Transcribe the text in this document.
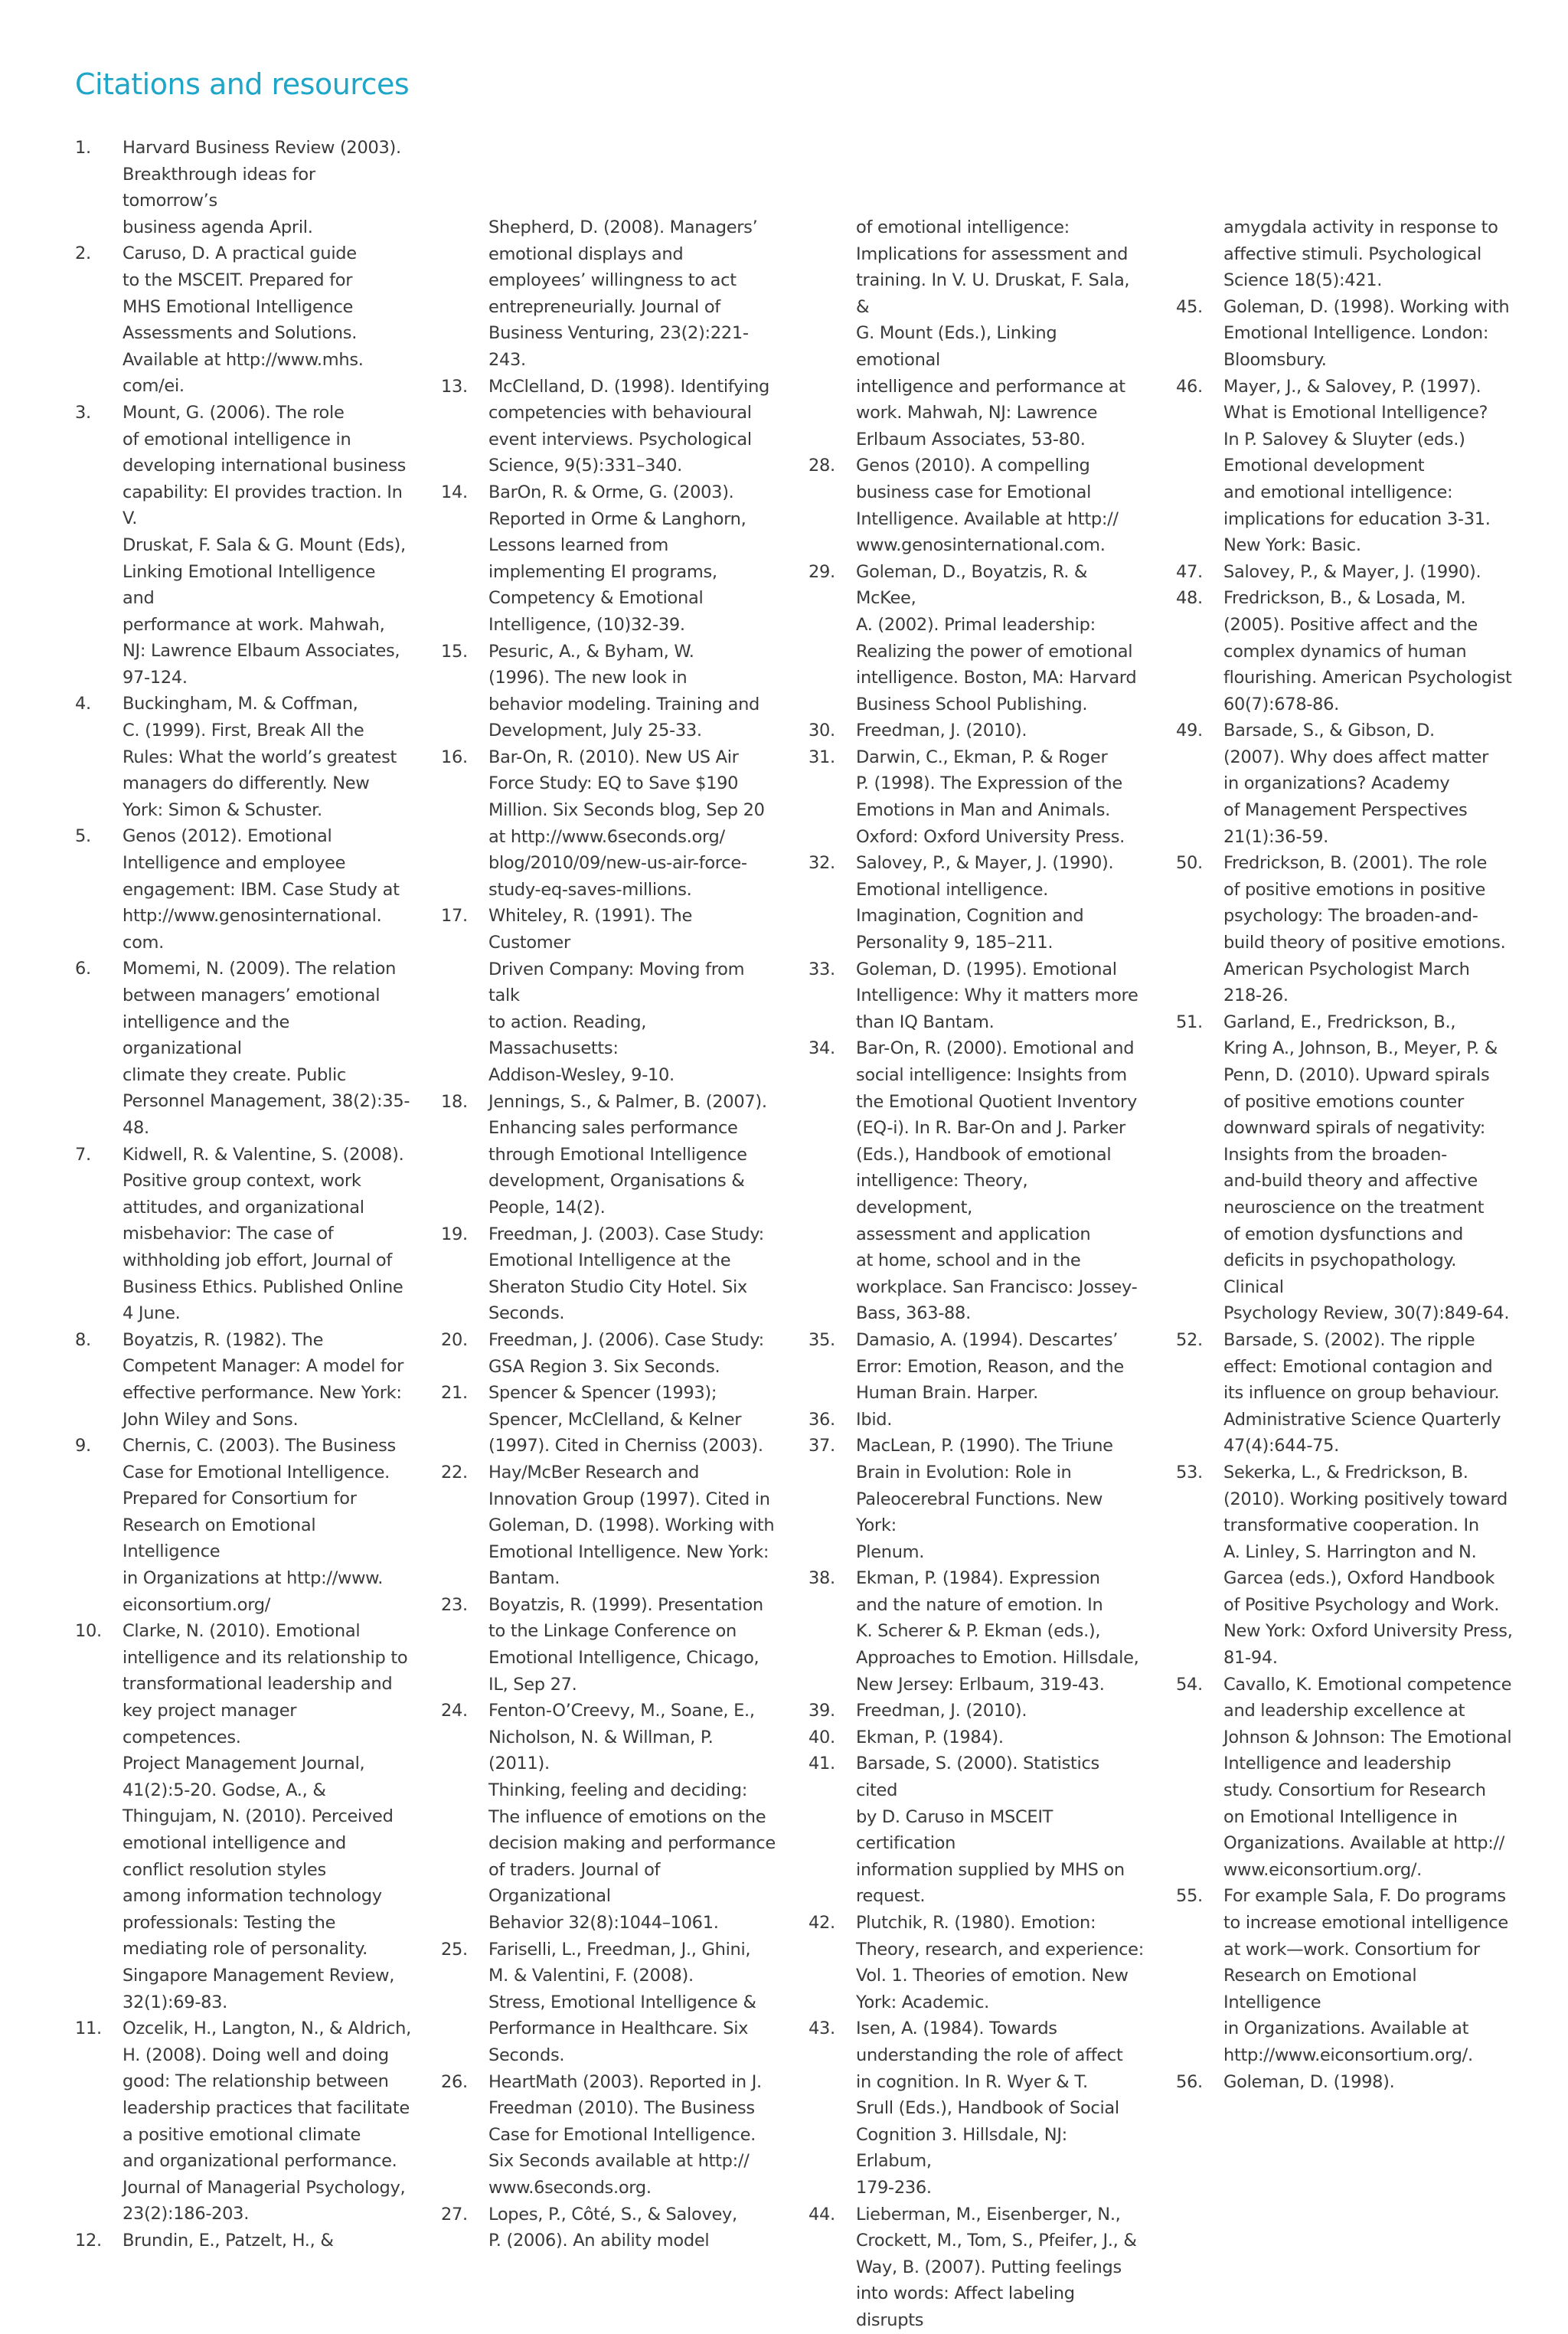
Citations and resources
1.	Harvard Business Review (2003).
Breakthrough ideas for tomorrow’s
business agenda April.
2.	Caruso, D. A practical guide
to the MSCEIT. Prepared for
MHS Emotional Intelligence
Assessments and Solutions.
Available at http://www.mhs.
com/ei.
3.	Mount, G. (2006). The role
of emotional intelligence in
developing international business
capability: EI provides traction. In V.
Druskat, F. Sala & G. Mount (Eds),
Linking Emotional Intelligence and
performance at work. Mahwah,
NJ: Lawrence Elbaum Associates,
97-124.
4.	Buckingham, M. & Coffman,
C. (1999). First, Break All the
Rules: What the world’s greatest
managers do differently. New
York: Simon & Schuster.
5.	Genos (2012). Emotional
Intelligence and employee
engagement: IBM. Case Study at
http://www.genosinternational.
com.
6.	Momemi, N. (2009). The relation
between managers’ emotional
intelligence and the organizational
climate they create. Public
Personnel Management, 38(2):35-
48.
7.	Kidwell, R. & Valentine, S. (2008).
Positive group context, work
attitudes, and organizational
misbehavior: The case of
withholding job effort, Journal of
Business Ethics. Published Online
4 June.
8.	Boyatzis, R. (1982). The
Competent Manager: A model for
effective performance. New York:
John Wiley and Sons.
9.	Chernis, C. (2003). The Business
Case for Emotional Intelligence.
Prepared for Consortium for
Research on Emotional Intelligence
in Organizations at http://www.
eiconsortium.org/
10.	Clarke, N. (2010). Emotional
intelligence and its relationship to
transformational leadership and
key project manager competences.
Project Management Journal,
41(2):5-20. Godse, A., &
Thingujam, N. (2010). Perceived
emotional intelligence and
conflict resolution styles
among information technology
professionals: Testing the
mediating role of personality.
Singapore Management Review,
32(1):69-83.
11.	Ozcelik, H., Langton, N., & Aldrich,
H. (2008). Doing well and doing
good: The relationship between
leadership practices that facilitate
a positive emotional climate
and organizational performance.
Journal of Managerial Psychology,
23(2):186-203.
12.	Brundin, E., Patzelt, H., &
Shepherd, D. (2008). Managers’
emotional displays and
employees’ willingness to act
entrepreneurially. Journal of
Business Venturing, 23(2):221-243.
13.	McClelland, D. (1998). Identifying
competencies with behavioural
event interviews. Psychological
Science, 9(5):331–340.
14.	BarOn, R. & Orme, G. (2003).
Reported in Orme & Langhorn,
Lessons learned from
implementing EI programs,
Competency & Emotional
Intelligence, (10)32-39.
15.	Pesuric, A., & Byham, W.
(1996). The new look in
behavior modeling. Training and
Development, July 25-33.
16.	Bar-On, R. (2010). New US Air
Force Study: EQ to Save $190
Million. Six Seconds blog, Sep 20
at http://www.6seconds.org/
blog/2010/09/new-us-air-force-
study-eq-saves-millions.
17.	Whiteley, R. (1991). The Customer
Driven Company: Moving from talk
to action. Reading, Massachusetts:
Addison-Wesley, 9-10.
18.	Jennings, S., & Palmer, B. (2007).
Enhancing sales performance
through Emotional Intelligence
development, Organisations &
People, 14(2).
19.	Freedman, J. (2003). Case Study:
Emotional Intelligence at the
Sheraton Studio City Hotel. Six
Seconds.
20.	Freedman, J. (2006). Case Study:
GSA Region 3. Six Seconds.
21.	Spencer & Spencer (1993);
Spencer, McClelland, & Kelner
(1997). Cited in Cherniss (2003).
22.	Hay/McBer Research and
Innovation Group (1997). Cited in
Goleman, D. (1998). Working with
Emotional Intelligence. New York:
Bantam.
23.	Boyatzis, R. (1999). Presentation
to the Linkage Conference on
Emotional Intelligence, Chicago,
IL, Sep 27.
24.	Fenton-O’Creevy, M., Soane, E.,
Nicholson, N. & Willman, P. (2011).
Thinking, feeling and deciding:
The influence of emotions on the
decision making and performance
of traders. Journal of Organizational
Behavior 32(8):1044–1061.
25.	Fariselli, L., Freedman, J., Ghini,
M. & Valentini, F. (2008).
Stress, Emotional Intelligence &
Performance in Healthcare. Six
Seconds.
26.	HeartMath (2003). Reported in J.
Freedman (2010). The Business
Case for Emotional Intelligence.
Six Seconds available at http://
www.6seconds.org.
27.	Lopes, P., Côté, S., & Salovey,
P. (2006). An ability model
of emotional intelligence:
Implications for assessment and
training. In V. U. Druskat, F. Sala, &
G. Mount (Eds.), Linking emotional
intelligence and performance at
work. Mahwah, NJ: Lawrence
Erlbaum Associates, 53-80.
28.	Genos (2010). A compelling
business case for Emotional
Intelligence. Available at http://
www.genosinternational.com.
29.	Goleman, D., Boyatzis, R. & McKee,
A. (2002). Primal leadership:
Realizing the power of emotional
intelligence. Boston, MA: Harvard
Business School Publishing.
30.	Freedman, J. (2010).
31.	Darwin, C., Ekman, P. & Roger
P. (1998). The Expression of the
Emotions in Man and Animals.
Oxford: Oxford University Press.
32.	Salovey, P., & Mayer, J. (1990).
Emotional intelligence.
Imagination, Cognition and
Personality 9, 185–211.
33.	Goleman, D. (1995). Emotional
Intelligence: Why it matters more
than IQ Bantam.
34.	Bar-On, R. (2000). Emotional and
social intelligence: Insights from
the Emotional Quotient Inventory
(EQ-i). In R. Bar-On and J. Parker
(Eds.), Handbook of emotional
intelligence: Theory, development,
assessment and application
at home, school and in the
workplace. San Francisco: Jossey-
Bass, 363-88.
35.	Damasio, A. (1994). Descartes’
Error: Emotion, Reason, and the
Human Brain. Harper.
36.	Ibid.
37.	MacLean, P. (1990). The Triune
Brain in Evolution: Role in
Paleocerebral Functions. New York:
Plenum.
38.	Ekman, P. (1984). Expression
and the nature of emotion. In
K. Scherer & P. Ekman (eds.),
Approaches to Emotion. Hillsdale,
New Jersey: Erlbaum, 319-43.
39.	Freedman, J. (2010).
40.	Ekman, P. (1984).
41.	Barsade, S. (2000). Statistics cited
by D. Caruso in MSCEIT certification
information supplied by MHS on
request.
42.	Plutchik, R. (1980). Emotion:
Theory, research, and experience:
Vol. 1. Theories of emotion. New
York: Academic.
43.	Isen, A. (1984). Towards
understanding the role of affect
in cognition. In R. Wyer & T.
Srull (Eds.), Handbook of Social
Cognition 3. Hillsdale, NJ: Erlabum,
179-236.
44.	Lieberman, M., Eisenberger, N.,
Crockett, M., Tom, S., Pfeifer, J., &
Way, B. (2007). Putting feelings
into words: Affect labeling disrupts
amygdala activity in response to
affective stimuli. Psychological
Science 18(5):421.
45.	Goleman, D. (1998). Working with
Emotional Intelligence. London:
Bloomsbury.
46.	Mayer, J., & Salovey, P. (1997).
What is Emotional Intelligence?
In P. Salovey & Sluyter (eds.)
Emotional development
and emotional intelligence:
implications for education 3-31.
New York: Basic.
47.	Salovey, P., & Mayer, J. (1990).
48.	Fredrickson, B., & Losada, M.
(2005). Positive affect and the
complex dynamics of human
flourishing. American Psychologist
60(7):678-86.
49.	Barsade, S., & Gibson, D.
(2007). Why does affect matter
in organizations? Academy
of Management Perspectives
21(1):36-59.
50.	Fredrickson, B. (2001). The role
of positive emotions in positive
psychology: The broaden-and-
build theory of positive emotions.
American Psychologist March
218-26.
51.	Garland, E., Fredrickson, B.,
Kring A., Johnson, B., Meyer, P. &
Penn, D. (2010). Upward spirals
of positive emotions counter
downward spirals of negativity:
Insights from the broaden-
and-build theory and affective
neuroscience on the treatment
of emotion dysfunctions and
deficits in psychopathology. Clinical
Psychology Review, 30(7):849-64.
52.	Barsade, S. (2002). The ripple
effect: Emotional contagion and
its influence on group behaviour.
Administrative Science Quarterly
47(4):644-75.
53.	Sekerka, L., & Fredrickson, B.
(2010). Working positively toward
transformative cooperation. In
A. Linley, S. Harrington and N.
Garcea (eds.), Oxford Handbook
of Positive Psychology and Work.
New York: Oxford University Press,
81-94.
54.	Cavallo, K. Emotional competence
and leadership excellence at
Johnson & Johnson: The Emotional
Intelligence and leadership
study. Consortium for Research
on Emotional Intelligence in
Organizations. Available at http://
www.eiconsortium.org/.
55.	For example Sala, F. Do programs
to increase emotional intelligence
at work—work. Consortium for
Research on Emotional Intelligence
in Organizations. Available at
http://www.eiconsortium.org/.
56.	Goleman, D. (1998).
